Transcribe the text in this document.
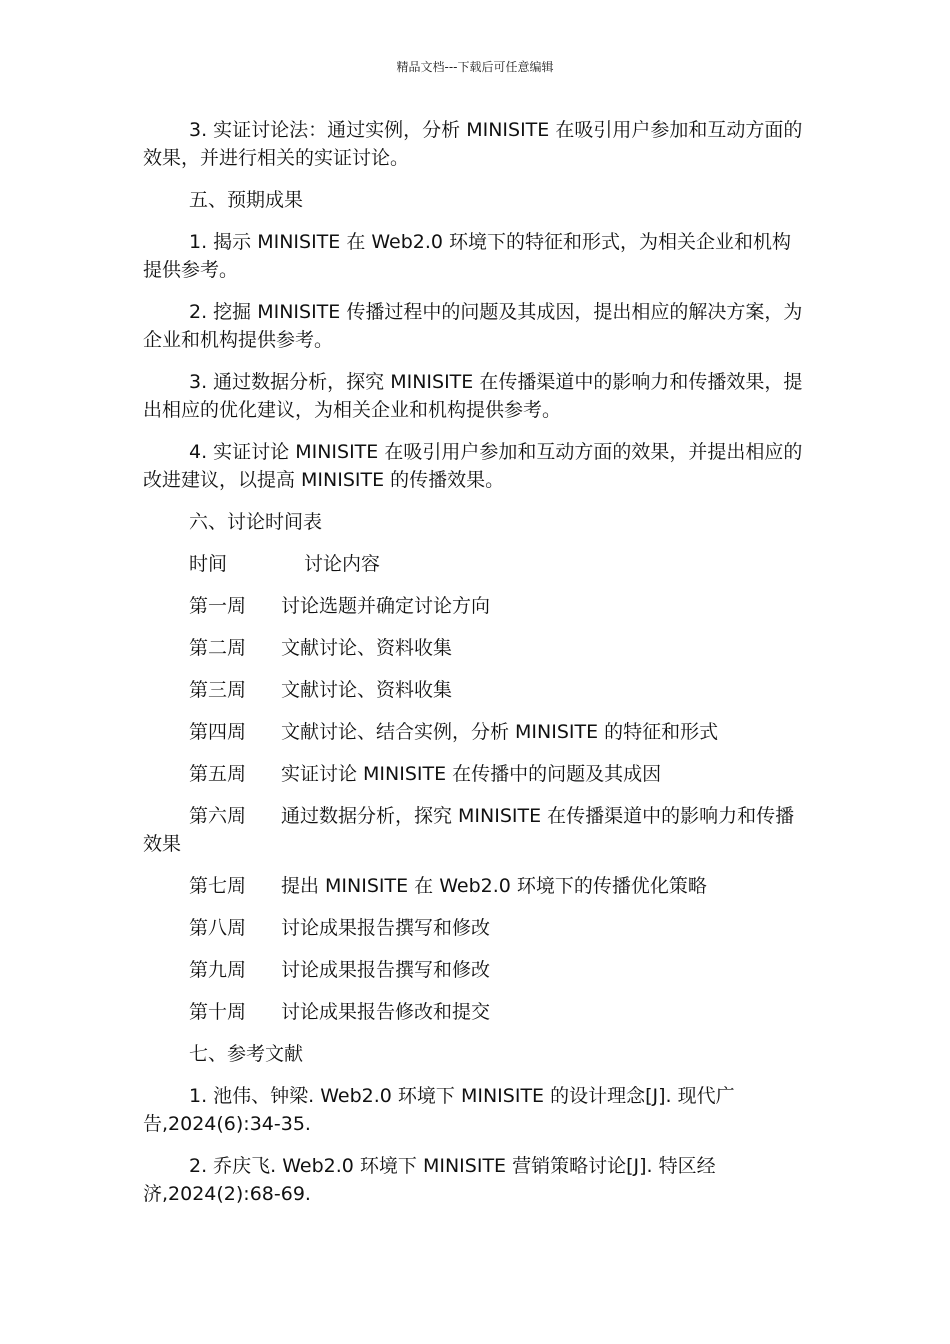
精品文档---下载后可任意编辑

3. 实证讨论法：通过实例，分析 MINISITE 在吸引用户参加和互动方面的效果，并进行相关的实证讨论。

五、预期成果

1. 揭示 MINISITE 在 Web2.0 环境下的特征和形式，为相关企业和机构提供参考。

2. 挖掘 MINISITE 传播过程中的问题及其成因，提出相应的解决方案，为企业和机构提供参考。

3. 通过数据分析，探究 MINISITE 在传播渠道中的影响力和传播效果，提出相应的优化建议，为相关企业和机构提供参考。

4. 实证讨论 MINISITE 在吸引用户参加和互动方面的效果，并提出相应的改进建议，以提高 MINISITE 的传播效果。

六、讨论时间表

时间	讨论内容
第一周 讨论选题并确定讨论方向
第二周 文献讨论、资料收集
第三周 文献讨论、资料收集
第四周 文献讨论、结合实例，分析 MINISITE 的特征和形式
第五周 实证讨论 MINISITE 在传播中的问题及其成因
第六周 通过数据分析，探究 MINISITE 在传播渠道中的影响力和传播效果
第七周 提出 MINISITE 在 Web2.0 环境下的传播优化策略
第八周 讨论成果报告撰写和修改
第九周 讨论成果报告撰写和修改
第十周 讨论成果报告修改和提交

七、参考文献

1. 池伟、钟梁. Web2.0 环境下 MINISITE 的设计理念[J]. 现代广告,2024(6):34-35.

2. 乔庆飞. Web2.0 环境下 MINISITE 营销策略讨论[J]. 特区经济,2024(2):68-69.
